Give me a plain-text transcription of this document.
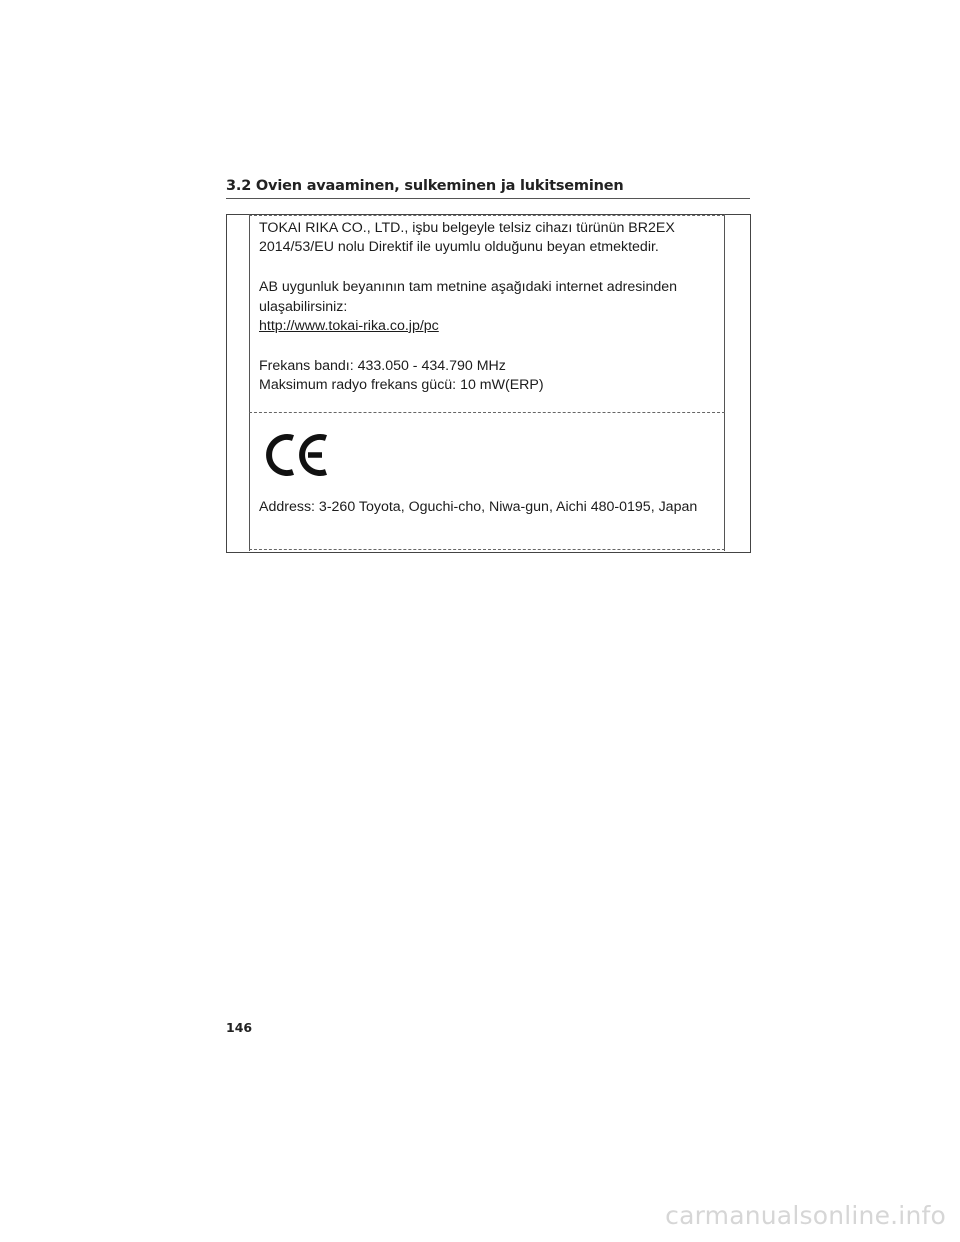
3.2 Ovien avaaminen, sulkeminen ja lukitseminen
TOKAI RIKA CO., LTD., işbu belgeyle telsiz cihazı türünün BR2EX
2014/53/EU nolu Direktif ile uyumlu olduğunu beyan etmektedir.
AB uygunluk beyanının tam metnine aşağıdaki internet adresinden
ulaşabilirsiniz:
http://www.tokai-rika.co.jp/pc
Frekans bandı: 433.050 - 434.790 MHz
Maksimum radyo frekans gücü: 10 mW(ERP)
Address: 3-260 Toyota, Oguchi-cho, Niwa-gun, Aichi 480-0195, Japan
146
carmanualsonline.info
